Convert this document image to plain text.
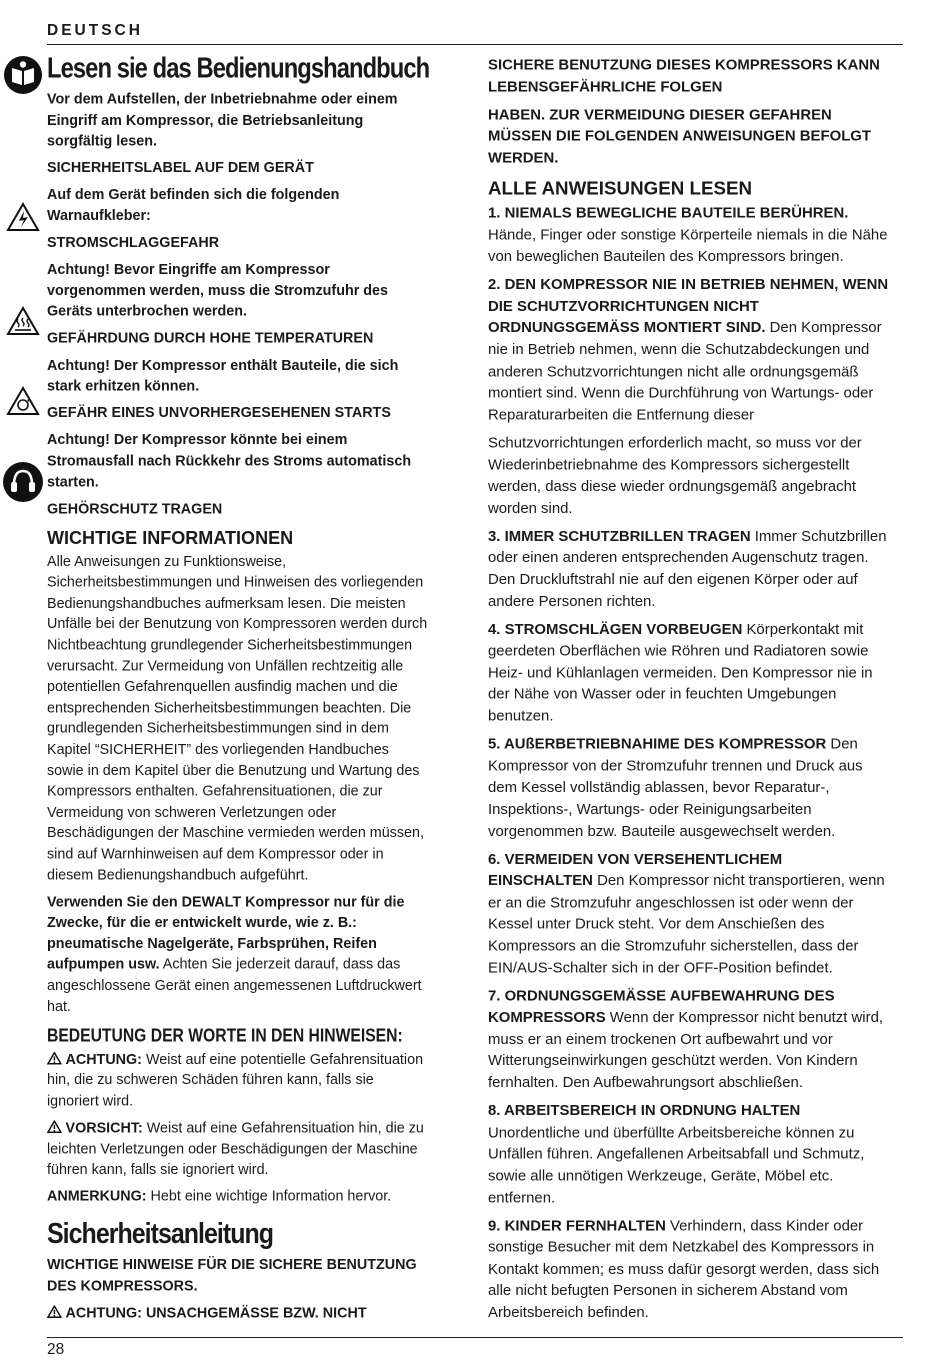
DEUTSCH
Lesen sie das Bedienungshandbuch

Vor dem Aufstellen, der Inbetriebnahme oder einem Eingriff am Kompressor, die Betriebsanleitung sorgfältig lesen.

SICHERHEITSLABEL AUF DEM GERÄT

Auf dem Gerät befinden sich die folgenden Warnaufkleber:

STROMSCHLAGGEFAHR

Achtung! Bevor Eingriffe am Kompressor vorgenommen werden, muss die Stromzufuhr des Geräts unterbrochen werden.

GEFÄHRDUNG DURCH HOHE TEMPERATUREN

Achtung! Der Kompressor enthält Bauteile, die sich stark erhitzen können.

GEFÄHR EINES UNVORHERGESEHENEN STARTS

Achtung! Der Kompressor könnte bei einem Stromausfall nach Rückkehr des Stroms automatisch starten.

GEHÖRSCHUTZ TRAGEN

WICHTIGE INFORMATIONEN

Alle Anweisungen zu Funktionsweise, Sicherheitsbestimmungen und Hinweisen des vorliegenden Bedienungshandbuches aufmerksam lesen. Die meisten Unfälle bei der Benutzung von Kompressoren werden durch Nichtbeachtung grundlegender Sicherheitsbestimmungen verursacht. Zur Vermeidung von Unfällen rechtzeitig alle potentiellen Gefahrenquellen ausfindig machen und die entsprechenden Sicherheitsbestimmungen beachten. Die grundlegenden Sicherheitsbestimmungen sind in dem Kapitel “SICHERHEIT” des vorliegenden Handbuches sowie in dem Kapitel über die Benutzung und Wartung des Kompressors enthalten. Gefahrensituationen, die zur Vermeidung von schweren Verletzungen oder Beschädigungen der Maschine vermieden werden müssen, sind auf Warnhinweisen auf dem Kompressor oder in diesem Bedienungshandbuch aufgeführt.

Verwenden Sie den DEWALT Kompressor nur für die Zwecke, für die er entwickelt wurde, wie z. B.: pneumatische Nagelgeräte, Farbsprühen, Reifen aufpumpen usw. Achten Sie jederzeit darauf, dass das angeschlossene Gerät einen angemessenen Luftdruckwert hat.

BEDEUTUNG DER WORTE IN DEN HINWEISEN:

ACHTUNG: Weist auf eine potentielle Gefahrensituation hin, die zu schweren Schäden führen kann, falls sie ignoriert wird.

VORSICHT: Weist auf eine Gefahrensituation hin, die zu leichten Verletzungen oder Beschädigungen der Maschine führen kann, falls sie ignoriert wird.

ANMERKUNG: Hebt eine wichtige Information hervor.

Sicherheitsanleitung

WICHTIGE HINWEISE FÜR DIE SICHERE BENUTZUNG DES KOMPRESSORS.

ACHTUNG: UNSACHGEMÄSSE BZW. NICHT

SICHERE BENUTZUNG DIESES KOMPRESSORS KANN LEBENSGEFÄHRLICHE FOLGEN

HABEN. ZUR VERMEIDUNG DIESER GEFAHREN MÜSSEN DIE FOLGENDEN ANWEISUNGEN BEFOLGT WERDEN.

ALLE ANWEISUNGEN LESEN

1. NIEMALS BEWEGLICHE BAUTEILE BERÜHREN. Hände, Finger oder sonstige Körperteile niemals in die Nähe von beweglichen Bauteilen des Kompressors bringen.

2. DEN KOMPRESSOR NIE IN BETRIEB NEHMEN, WENN DIE SCHUTZVORRICHTUNGEN NICHT ORDNUNGSGEMÄSS MONTIERT SIND. Den Kompressor nie in Betrieb nehmen, wenn die Schutzabdeckungen und anderen Schutzvorrichtungen nicht alle ordnungsgemäß montiert sind. Wenn die Durchführung von Wartungs- oder Reparaturarbeiten die Entfernung dieser

Schutzvorrichtungen erforderlich macht, so muss vor der Wiederinbetriebnahme des Kompressors sichergestellt werden, dass diese wieder ordnungsgemäß angebracht worden sind.

3. IMMER SCHUTZBRILLEN TRAGEN Immer Schutzbrillen oder einen anderen entsprechenden Augenschutz tragen. Den Druckluftstrahl nie auf den eigenen Körper oder auf andere Personen richten.

4. STROMSCHLÄGEN VORBEUGEN Körperkontakt mit geerdeten Oberflächen wie Röhren und Radiatoren sowie Heiz- und Kühlanlagen vermeiden. Den Kompressor nie in der Nähe von Wasser oder in feuchten Umgebungen benutzen.

5. AUßERBETRIEBNAHIME DES KOMPRESSOR Den Kompressor von der Stromzufuhr trennen und Druck aus dem Kessel vollständig ablassen, bevor Reparatur-, Inspektions-, Wartungs- oder Reinigungsarbeiten vorgenommen bzw. Bauteile ausgewechselt werden.

6. VERMEIDEN VON VERSEHENTLICHEM EINSCHALTEN Den Kompressor nicht transportieren, wenn er an die Stromzufuhr angeschlossen ist oder wenn der Kessel unter Druck steht. Vor dem Anschießen des Kompressors an die Stromzufuhr sicherstellen, dass der EIN/AUS-Schalter sich in der OFF-Position befindet.

7. ORDNUNGSGEMÄSSE AUFBEWAHRUNG DES KOMPRESSORS Wenn der Kompressor nicht benutzt wird, muss er an einem trockenen Ort aufbewahrt und vor Witterungseinwirkungen geschützt werden. Von Kindern fernhalten. Den Aufbewahrungsort abschließen.

8. ARBEITSBEREICH IN ORDNUNG HALTEN Unordentliche und überfüllte Arbeitsbereiche können zu Unfällen führen. Angefallenen Arbeitsabfall und Schmutz, sowie alle unnötigen Werkzeuge, Geräte, Möbel etc. entfernen.

9. KINDER FERNHALTEN Verhindern, dass Kinder oder sonstige Besucher mit dem Netzkabel des Kompressors in Kontakt kommen; es muss dafür gesorgt werden, dass sich alle nicht befugten Personen in sicherem Abstand vom Arbeitsbereich befinden.

28
